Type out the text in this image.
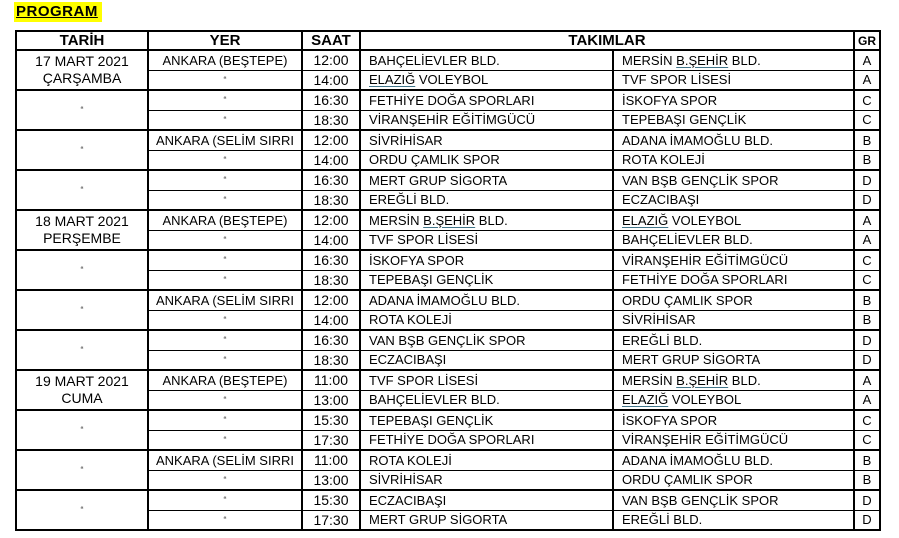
PROGRAM
TARİH	YER	SAAT	TAKIMLAR		GR

17 MART 2021
ÇARŞAMBA	ANKARA (BEŞTEPE)	12:00	BAHÇELİEVLER BLD.	MERSİN B.ŞEHİR BLD.	A
	“	14:00	ELAZIĞ VOLEYBOL	TVF SPOR LİSESİ	A
“	“	16:30	FETHİYE DOĞA SPORLARI	İSKOFYA SPOR	C
	“	18:30	VİRANŞEHİR EĞİTİMGÜCÜ	TEPEBAŞI GENÇLİK	C
“	ANKARA (SELİM SIRRI	12:00	SİVRİHİSAR	ADANA İMAMOĞLU BLD.	B
	“	14:00	ORDU ÇAMLIK SPOR	ROTA KOLEJİ	B
“	“	16:30	MERT GRUP SİGORTA	VAN BŞB GENÇLİK SPOR	D
	“	18:30	EREĞLİ BLD.	ECZACIBAŞI	D

18 MART 2021
PERŞEMBE	ANKARA (BEŞTEPE)	12:00	MERSİN B.ŞEHİR BLD.	ELAZIĞ VOLEYBOL	A
	“	14:00	TVF SPOR LİSESİ	BAHÇELİEVLER BLD.	A
“	“	16:30	İSKOFYA SPOR	VİRANŞEHİR EĞİTİMGÜCÜ	C
	“	18:30	TEPEBAŞI GENÇLİK	FETHİYE DOĞA SPORLARI	C
“	ANKARA (SELİM SIRRI	12:00	ADANA İMAMOĞLU BLD.	ORDU ÇAMLIK SPOR	B
	“	14:00	ROTA KOLEJİ	SİVRİHİSAR	B
“	“	16:30	VAN BŞB GENÇLİK SPOR	EREĞLİ BLD.	D
	“	18:30	ECZACIBAŞI	MERT GRUP SİGORTA	D

19 MART 2021
CUMA	ANKARA (BEŞTEPE)	11:00	TVF SPOR LİSESİ	MERSİN B.ŞEHİR BLD.	A
	“	13:00	BAHÇELİEVLER BLD.	ELAZIĞ VOLEYBOL	A
“	“	15:30	TEPEBAŞI GENÇLİK	İSKOFYA SPOR	C
	“	17:30	FETHİYE DOĞA SPORLARI	VİRANŞEHİR EĞİTİMGÜCÜ	C
“	ANKARA (SELİM SIRRI	11:00	ROTA KOLEJİ	ADANA İMAMOĞLU BLD.	B
	“	13:00	SİVRİHİSAR	ORDU ÇAMLIK SPOR	B
“	“	15:30	ECZACIBAŞI	VAN BŞB GENÇLİK SPOR	D
	“	17:30	MERT GRUP SİGORTA	EREĞLİ BLD.	D
